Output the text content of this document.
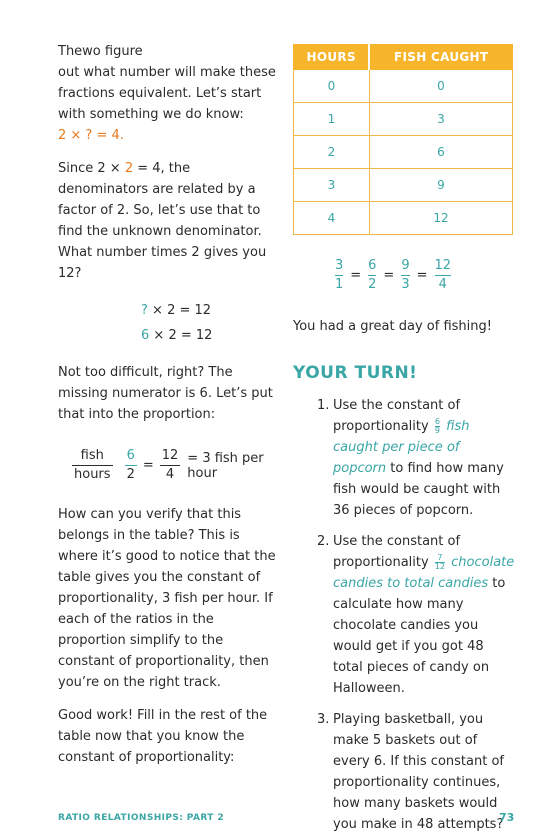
Thewo figure
out what number will make these fractions equivalent. Let’s start with something we do know:
2 × ? = 4.

Since 2 × 2 = 4, the denominators are related by a factor of 2. So, let’s use that to find the unknown denominator. What number times 2 gives you 12?

? × 2 = 12
6 × 2 = 12

Not too difficult, right? The missing numerator is 6. Let’s put that into the proportion:

$\frac{\text{fish}}{\text{hours}} \frac{6}{2} = \frac{12}{4} = 3$ fish per hour

How can you verify that this belongs in the table? This is where it’s good to notice that the table gives you the constant of proportionality, 3 fish per hour. If each of the ratios in the proportion simplify to the constant of proportionality, then you’re on the right track.

Good work! Fill in the rest of the table now that you know the constant of proportionality:

HOURS	FISH CAUGHT
0	0
1	3
2	6
3	9
4	12
$\frac{3}{1} = \frac{6}{2} = \frac{9}{3} = \frac{12}{4}$

You had a great day of fishing!

YOUR TURN!
1. Use the constant of proportionality $\frac{6}{9}$ fish caught per piece of popcorn to find how many fish would be caught with 36 pieces of popcorn.
2. Use the constant of proportionality $\frac{7}{12}$ chocolate candies to total candies to calculate how many chocolate candies you would get if you got 48 total pieces of candy on Halloween.
3. Playing basketball, you make 5 baskets out of every 6. If this constant of proportionality continues, how many baskets would you make in 48 attempts?
RATIO RELATIONSHIPS: PART 2	73
